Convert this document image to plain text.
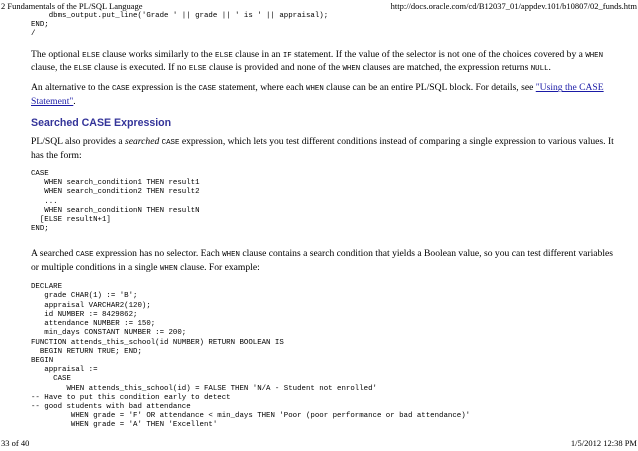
2 Fundamentals of the PL/SQL Language	http://docs.oracle.com/cd/B12037_01/appdev.101/b10807/02_funds.htm
dbms_output.put_line('Grade ' || grade || ' is ' || appraisal);
END;
/

The optional ELSE clause works similarly to the ELSE clause in an IF statement. If the value of the selector is not one of the choices covered by a WHEN clause, the ELSE clause is executed. If no ELSE clause is provided and none of the WHEN clauses are matched, the expression returns NULL.

An alternative to the CASE expression is the CASE statement, where each WHEN clause can be an entire PL/SQL block. For details, see "Using the CASE Statement".

Searched CASE Expression

PL/SQL also provides a searched CASE expression, which lets you test different conditions instead of comparing a single expression to various values. It has the form:

CASE
WHEN search_condition1 THEN result1
WHEN search_condition2 THEN result2
...
WHEN search_conditionN THEN resultN
[ELSE resultN+1]
END;

A searched CASE expression has no selector. Each WHEN clause contains a search condition that yields a Boolean value, so you can test different variables or multiple conditions in a single WHEN clause. For example:

DECLARE
grade CHAR(1) := 'B';
appraisal VARCHAR2(120);
id NUMBER := 8429862;
attendance NUMBER := 150;
min_days CONSTANT NUMBER := 200;
FUNCTION attends_this_school(id NUMBER) RETURN BOOLEAN IS
BEGIN RETURN TRUE; END;
BEGIN
appraisal :=
CASE
WHEN attends_this_school(id) = FALSE THEN 'N/A - Student not enrolled'
-- Have to put this condition early to detect
-- good students with bad attendance
WHEN grade = 'F' OR attendance < min_days THEN 'Poor (poor performance or bad attendance)'
WHEN grade = 'A' THEN 'Excellent'
33 of 40	1/5/2012 12:38 PM
